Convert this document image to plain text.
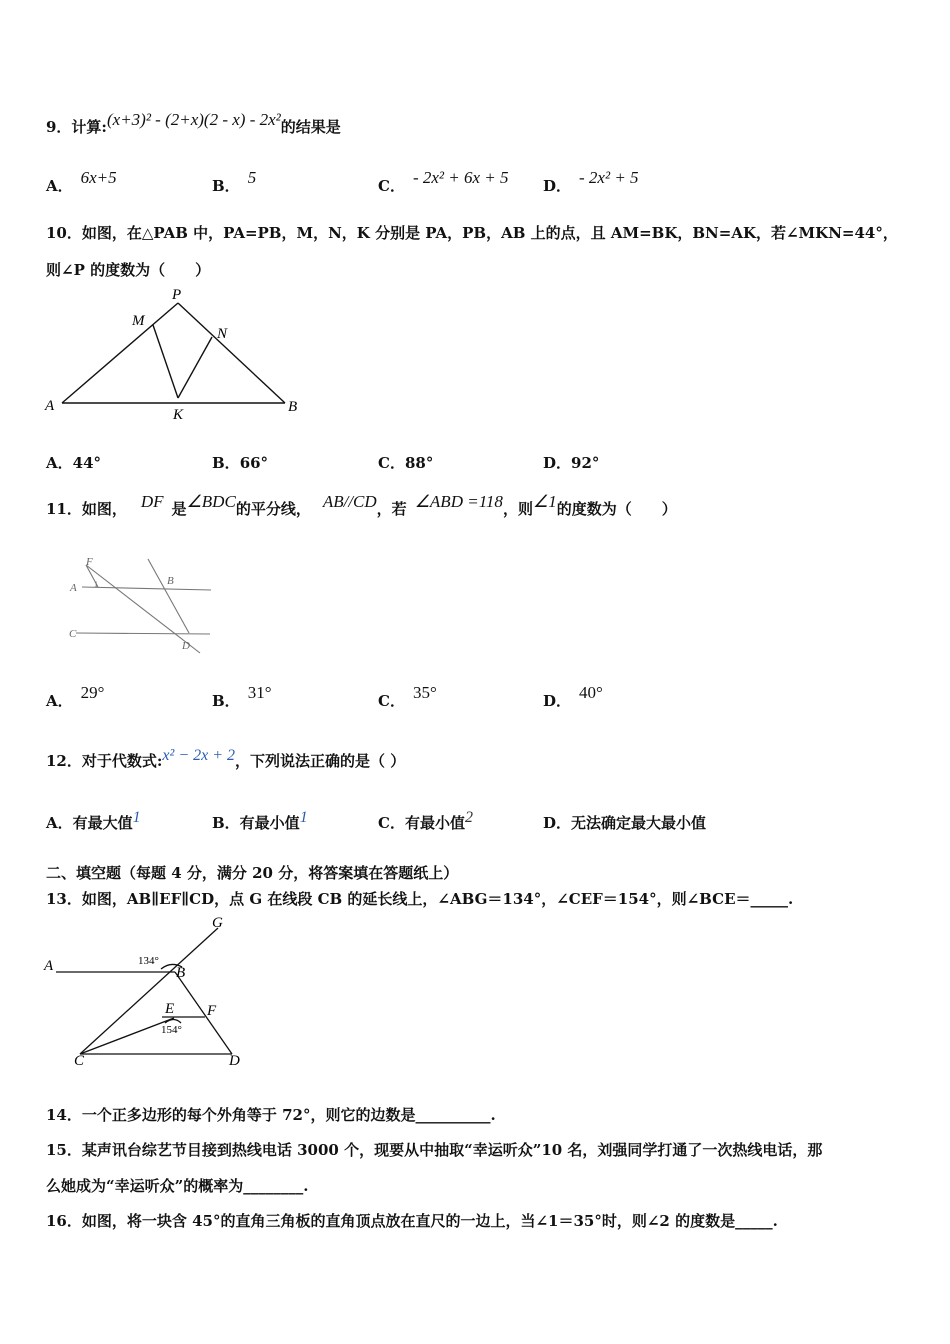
9．计算:(x+3)² - (2+x)(2 - x) - 2x²的结果是
A． 6x+5	B． 5	C． - 2x² + 6x + 5 D． - 2x² + 5
10．如图，在△PAB 中，PA=PB，M，N，K 分别是 PA，PB，AB 上的点，且 AM=BK，BN=AK，若∠MKN=44°，
则∠P 的度数为（　　）
P
M
N
A	B
K
A．44°	B．66°	C．88°	D．92°
11．如图， DF 是∠BDC的平分线， AB//CD，若 ∠ABD =118，则∠1的度数为（　　）
F
A 1	B
C
D
A． 29°	B． 31°	C． 35°	D． 40°
12．对于代数式:x² − 2x + 2，下列说法正确的是（ ）
A．有最大值1	B．有最小值1	C．有最小值2	D．无法确定最大最小值
二、填空题（每题 4 分，满分 20 分，将答案填在答题纸上）
13．如图，AB∥EF∥CD，点 G 在线段 CB 的延长线上，∠ABG＝134°，∠CEF＝154°，则∠BCE＝_____.
G
A	134°
B
E F
154°
C	D
14．一个正多边形的每个外角等于 72°，则它的边数是__________.
15．某声讯台综艺节目接到热线电话 3000 个，现要从中抽取“幸运听众”10 名，刘强同学打通了一次热线电话，那
么她成为“幸运听众”的概率为________.
16．如图，将一块含 45°的直角三角板的直角顶点放在直尺的一边上，当∠1＝35°时，则∠2 的度数是_____.
